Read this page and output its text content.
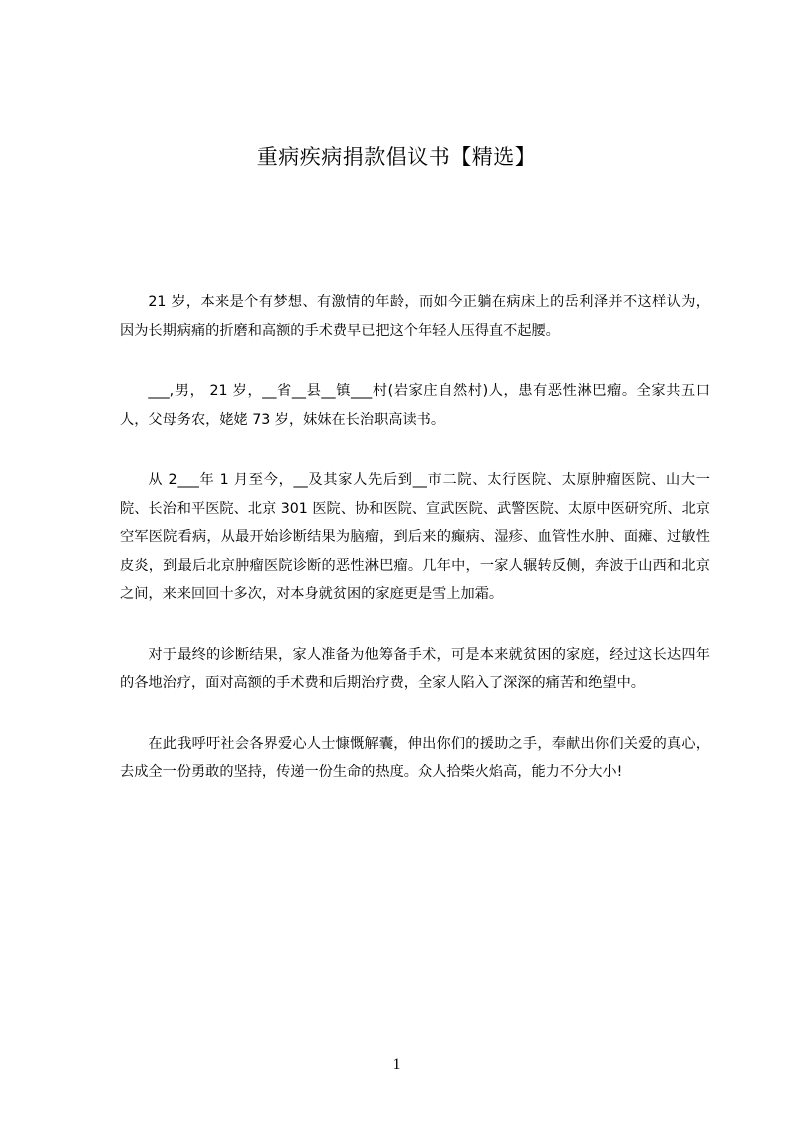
重病疾病捐款倡议书【精选】

21 岁，本来是个有梦想、有激情的年龄，而如今正躺在病床上的岳利泽并不这样认为，因为长期病痛的折磨和高额的手术费早已把这个年轻人压得直不起腰。

___,男， 21 岁，__省__县__镇___村(岩家庄自然村)人，患有恶性淋巴瘤。全家共五口人，父母务农，姥姥 73 岁，妹妹在长治职高读书。

从 2___年 1 月至今，__及其家人先后到__市二院、太行医院、太原肿瘤医院、山大一院、长治和平医院、北京 301 医院、协和医院、宣武医院、武警医院、太原中医研究所、北京空军医院看病，从最开始诊断结果为脑瘤，到后来的癫病、湿疹、血管性水肿、面瘫、过敏性皮炎，到最后北京肿瘤医院诊断的恶性淋巴瘤。几年中，一家人辗转反侧，奔波于山西和北京之间，来来回回十多次，对本身就贫困的家庭更是雪上加霜。

对于最终的诊断结果，家人准备为他筹备手术，可是本来就贫困的家庭，经过这长达四年的各地治疗，面对高额的手术费和后期治疗费，全家人陷入了深深的痛苦和绝望中。

在此我呼吁社会各界爱心人士慷慨解囊，伸出你们的援助之手，奉献出你们关爱的真心，去成全一份勇敢的坚持，传递一份生命的热度。众人拾柴火焰高，能力不分大小!

1
